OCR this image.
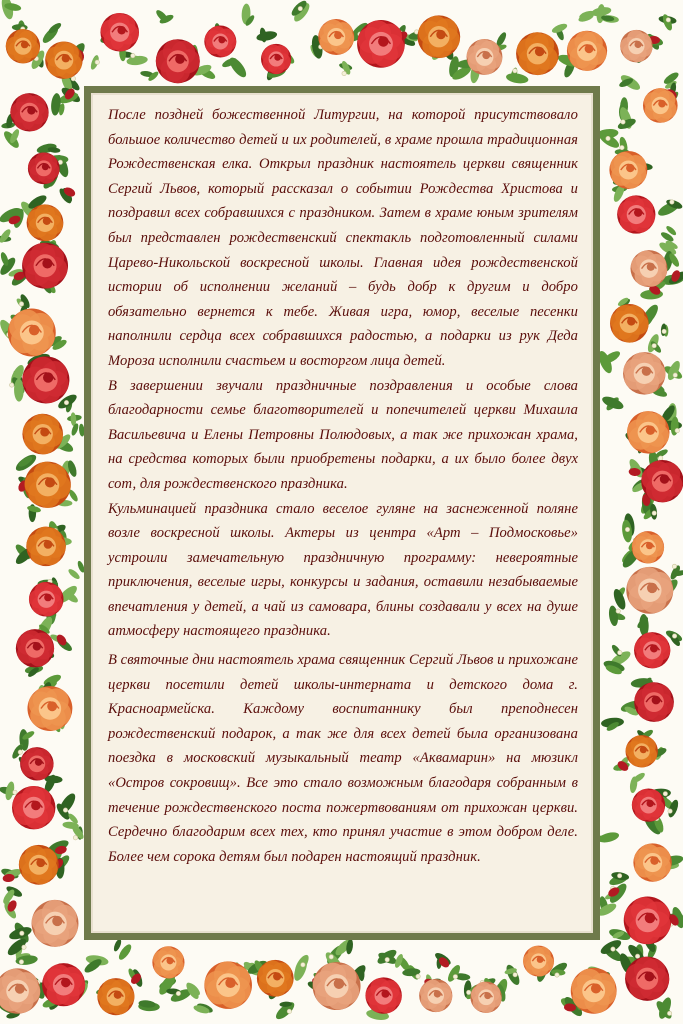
После поздней божественной Литургии, на которой присутствовало большое количество детей и их родителей, в храме прошла традиционная Рождественская елка. Открыл праздник настоятель церкви священник Сергий Львов, который рассказал о событии Рождества Христова и поздравил всех собравшихся с праздником. Затем в храме юным зрителям был представлен рождественский спектакль подготовленный силами Царево-Никольской воскресной школы. Главная идея рождественской истории об исполнении желаний – будь добр к другим и добро обязательно вернется к тебе. Живая игра, юмор, веселые песенки наполнили сердца всех собравшихся радостью, а подарки из рук Деда Мороза исполнили счастьем и восторгом лица детей.

В завершении звучали праздничные поздравления и особые слова благодарности семье благотворителей и попечителей церкви Михаила Васильевича и Елены Петровны Полюдовых, а так же прихожан храма, на средства которых были приобретены подарки, а их было более двух сот, для рождественского праздника.

Кульминацией праздника стало веселое гуляне на заснеженной поляне возле воскресной школы. Актеры из центра «Арт – Подмосковье» устроили замечательную праздничную программу: невероятные приключения, веселые игры, конкурсы и задания, оставили незабываемые впечатления у детей, а чай из самовара, блины создавали у всех на душе атмосферу настоящего праздника.

В святочные дни настоятель храма священник Сергий Львов и прихожане церкви посетили детей школы-интерната и детского дома г. Красноармейска. Каждому воспитаннику был преподнесен рождественский подарок, а так же для всех детей была организована поездка в московский музыкальный театр «Аквамарин» на мюзикл «Остров сокровищ». Все это стало возможным благодаря собранным в течение рождественского поста пожертвованиям от прихожан церкви. Сердечно благодарим всех тех, кто принял участие в этом добром деле. Более чем сорока детям был подарен настоящий праздник.
